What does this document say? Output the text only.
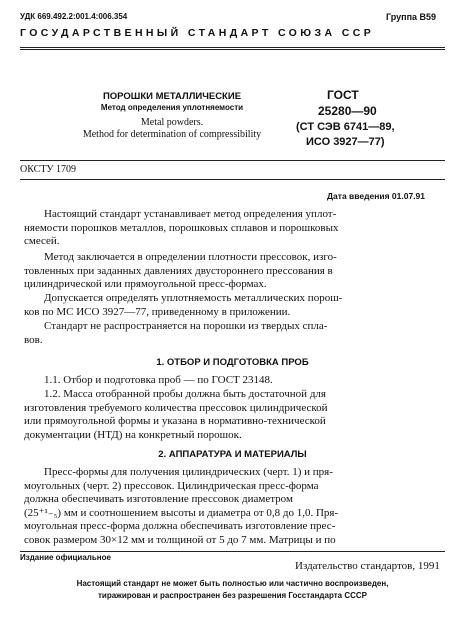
УДК 669.492.2:001.4:006.354	Группа В59
ГОСУДАРСТВЕННЫЙ СТАНДАРТ СОЮЗА ССР
ПОРОШКИ МЕТАЛЛИЧЕСКИЕ
Метод определения уплотняемости
Metal powders.
Method for determination of compressibility
ГОСТ
25280—90
(СТ СЭВ 6741—89,
ИСО 3927—77)
ОКСТУ 1709
Дата введения 01.07.91
Настоящий стандарт устанавливает метод определения уплот-
няемости порошков металлов, порошковых сплавов и порошковых
смесей.
Метод заключается в определении плотности прессовок, изго-
товленных при заданных давлениях двустороннего прессования в
цилиндрической или прямоугольной пресс-формах.
Допускается определять уплотняемость металлических порош-
ков по МС ИСО 3927—77, приведенному в приложении.
Стандарт не распространяется на порошки из твердых спла-
вов.
1. ОТБОР И ПОДГОТОВКА ПРОБ
1.1. Отбор и подготовка проб — по ГОСТ 23148.
1.2. Масса отобранной пробы должна быть достаточной для
изготовления требуемого количества прессовок цилиндрической
или прямоугольной формы и указана в нормативно-технической
документации (НТД) на конкретный порошок.
2. АППАРАТУРА И МАТЕРИАЛЫ
Пресс-формы для получения цилиндрических (черт. 1) и пря-
моугольных (черт. 2) прессовок. Цилиндрическая пресс-форма
должна обеспечивать изготовление прессовок диаметром
(25⁺¹₋₅) мм и соотношением высоты и диаметра от 0,8 до 1,0. Пря-
моугольная пресс-форма должна обеспечивать изготовление прес-
совок размером 30×12 мм и толщиной от 5 до 7 мм. Матрицы и по
Издание официальное
Издательство стандартов, 1991
Настоящий стандарт не может быть полностью или частично воспроизведен,
тиражирован и распространен без разрешения Госстандарта СССР
